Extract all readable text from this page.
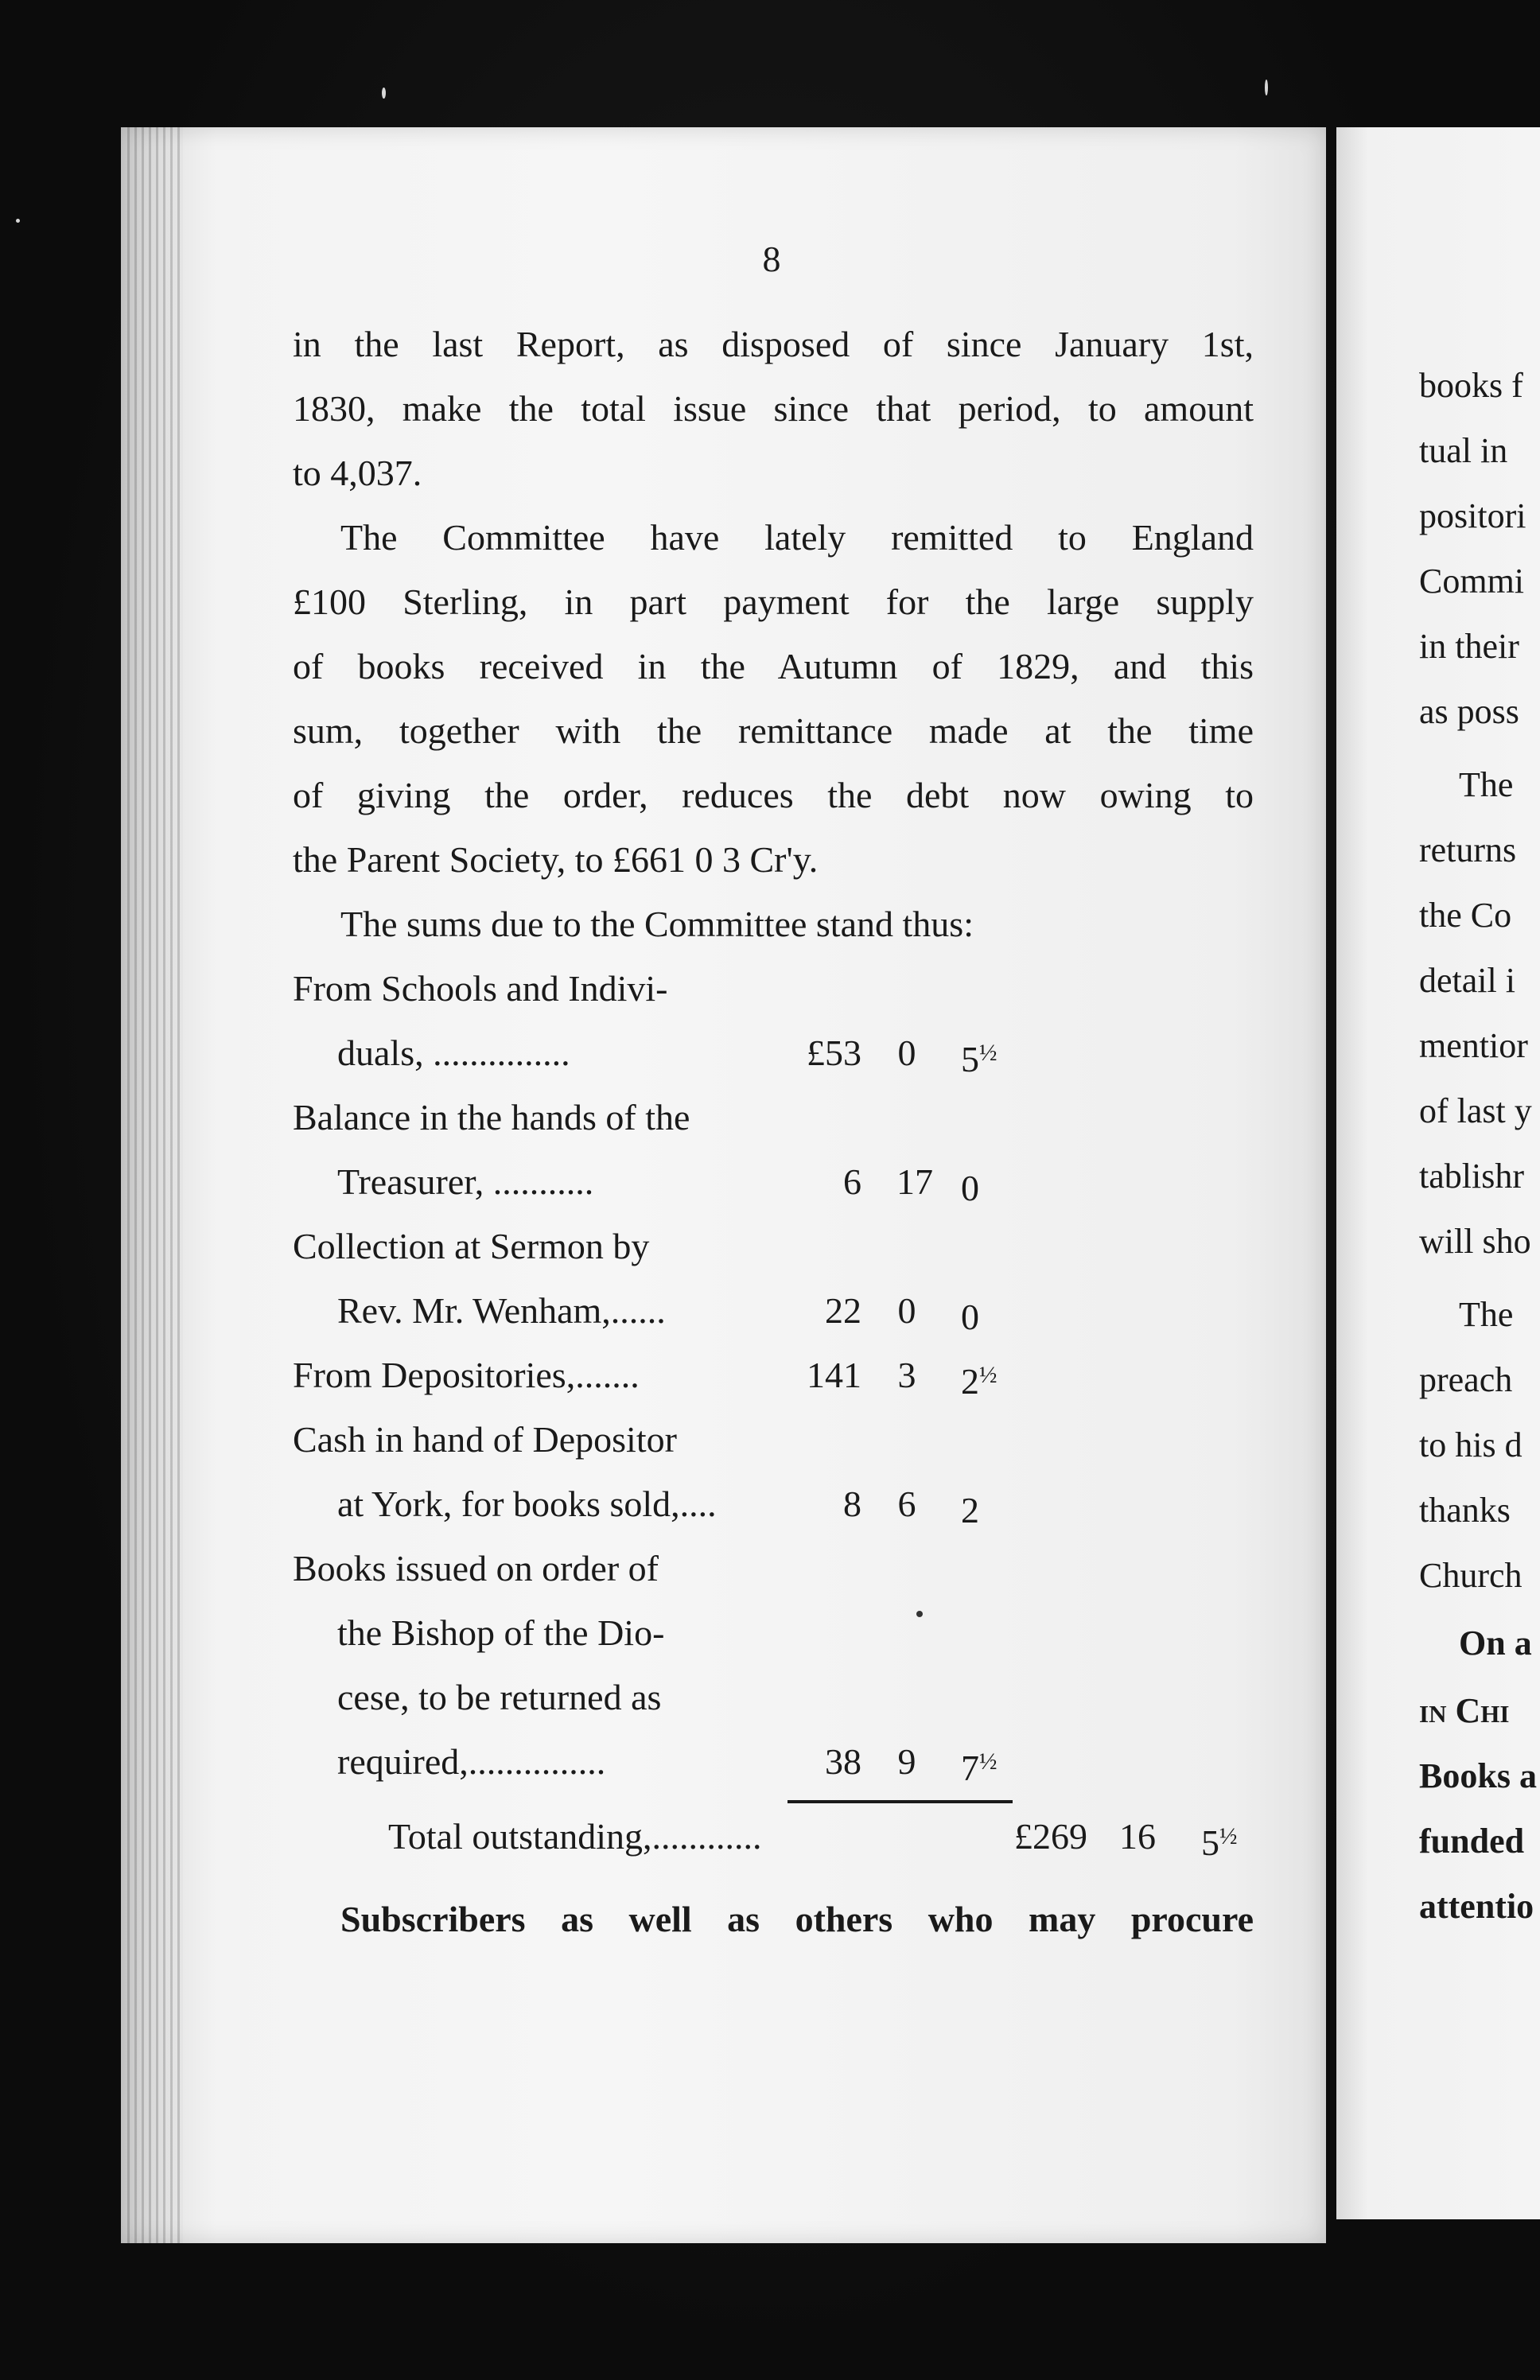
8
in the last Report, as disposed of since January 1st,
1830, make the total issue since that period, to amount
to 4,037.
The Committee have lately remitted to England
£100 Sterling, in part payment for the large supply
of books received in the Autumn of 1829, and this
sum, together with the remittance made at the time
of giving the order, reduces the debt now owing to
the Parent Society, to £661 0 3 Cr'y.
The sums due to the Committee stand thus:
From Schools and Indivi-
duals, ...............	£53 0 $5^{\frac{1}{2}}$
Balance in the hands of the
Treasurer, ...........	6 17 0
Collection at Sermon by
Rev. Mr. Wenham,......	22 0 0
From Depositories,.......	141 3 $2^{\frac{1}{2}}$
Cash in hand of Depositor
at York, for books sold,....	8 6 2
Books issued on order of
the Bishop of the Dio-
cese, to be returned as
required,...............	38 9 $7^{\frac{1}{2}}$
Total outstanding,............	£269 16 $5^{\frac{1}{2}}$
Subscribers as well as others who may procure
books f
tual in
positori
Commi
in their
as poss
The
returns
the Co
detail i
mentior
of last y
tablishr
will sho
The
preach
to his d
thanks
Church
On a
in Chi
Books a
funded
attentio
